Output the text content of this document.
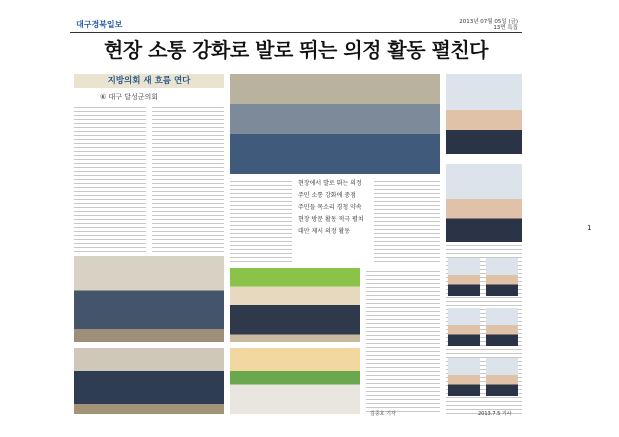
대구경북일보	2013년 07월 05일 (금)
13면 특집
현장 소통 강화로 발로 뛰는 의정 활동 펼친다
지방의회 새 흐름 연다
⑥ 대구 달성군의회
현장에서 발로 뛰는 의정
주민 소통 강화에 중점
주민들 목소리 경청 약속
현장 방문 활동 적극 펼쳐
대안 제시 의정 활동
김종호 기자	2013.7.5 기사
1
